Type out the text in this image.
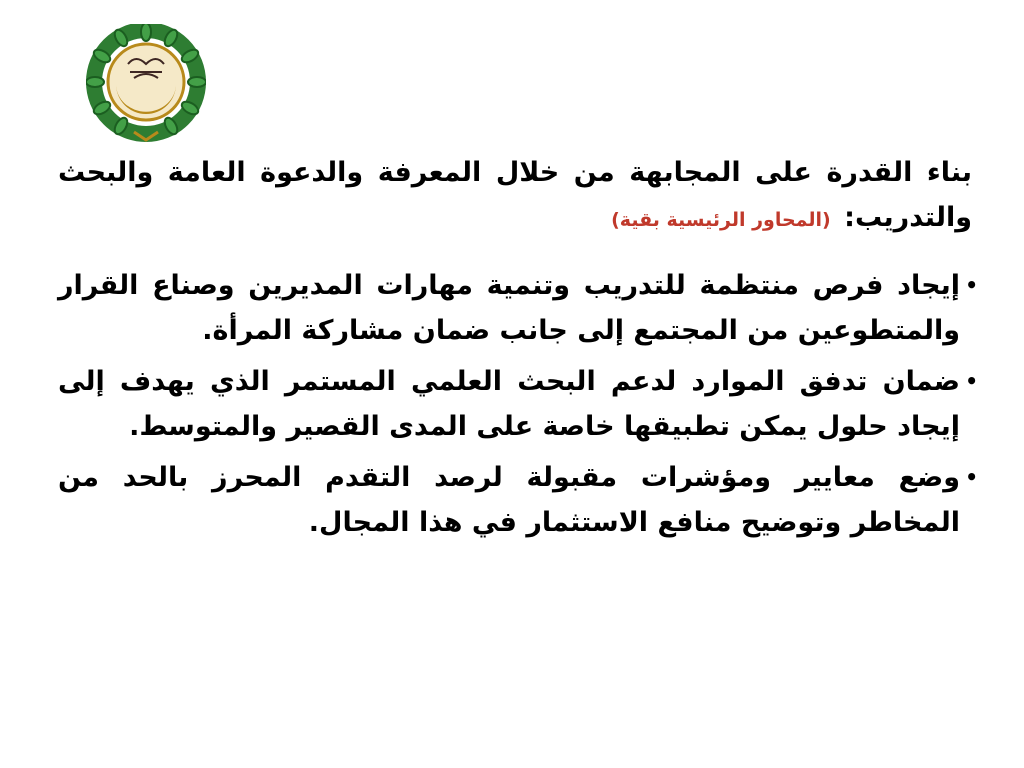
بناء القدرة على المجابهة من خلال المعرفة والدعوة العامة والبحث والتدريب: (المحاور الرئيسية بقية)

•
إيجاد فرص منتظمة للتدريب وتنمية مهارات المديرين وصناع القرار والمتطوعين من المجتمع إلى جانب ضمان مشاركة المرأة.
•
ضمان تدفق الموارد لدعم البحث العلمي المستمر الذي يهدف إلى إيجاد حلول يمكن تطبيقها خاصة على المدى القصير والمتوسط.
•
وضع معايير ومؤشرات مقبولة لرصد التقدم المحرز بالحد من المخاطر وتوضيح منافع الاستثمار في هذا المجال.
